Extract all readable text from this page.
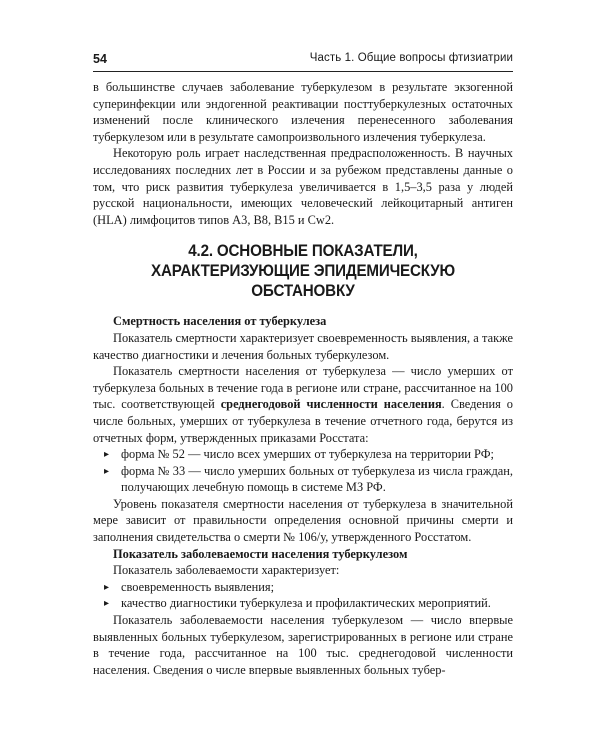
54	Часть 1. Общие вопросы фтизиатрии

в большинстве случаев заболевание туберкулезом в результате экзогенной суперинфекции или эндогенной реактивации посттуберкулезных остаточных изменений после клинического излечения перенесенного заболевания туберкулезом или в результате самопроизвольного излечения туберкулеза.

Некоторую роль играет наследственная предрасположенность. В научных исследованиях последних лет в России и за рубежом представлены данные о том, что риск развития туберкулеза увеличивается в 1,5–3,5 раза у людей русской национальности, имеющих человеческий лейкоцитарный антиген (HLA) лимфоцитов типов А3, В8, В15 и Cw2.

4.2. ОСНОВНЫЕ ПОКАЗАТЕЛИ, ХАРАКТЕРИЗУЮЩИЕ ЭПИДЕМИЧЕСКУЮ ОБСТАНОВКУ

Смертность населения от туберкулеза

Показатель смертности характеризует своевременность выявления, а также качество диагностики и лечения больных туберкулезом.

Показатель смертности населения от туберкулеза — число умерших от туберкулеза больных в течение года в регионе или стране, рассчитанное на 100 тыс. соответствующей среднегодовой численности населения. Сведения о числе больных, умерших от туберкулеза в течение отчетного года, берутся из отчетных форм, утвержденных приказами Росстата:

▸ форма № 52 — число всех умерших от туберкулеза на территории РФ;
▸ форма № 33 — число умерших больных от туберкулеза из числа граждан, получающих лечебную помощь в системе МЗ РФ.

Уровень показателя смертности населения от туберкулеза в значительной мере зависит от правильности определения основной причины смерти и заполнения свидетельства о смерти № 106/у, утвержденного Росстатом.

Показатель заболеваемости населения туберкулезом

Показатель заболеваемости характеризует:

▸ своевременность выявления;
▸ качество диагностики туберкулеза и профилактических мероприятий.

Показатель заболеваемости населения туберкулезом — число впервые выявленных больных туберкулезом, зарегистрированных в регионе или стране в течение года, рассчитанное на 100 тыс. среднегодовой численности населения. Сведения о числе впервые выявленных больных тубер-
